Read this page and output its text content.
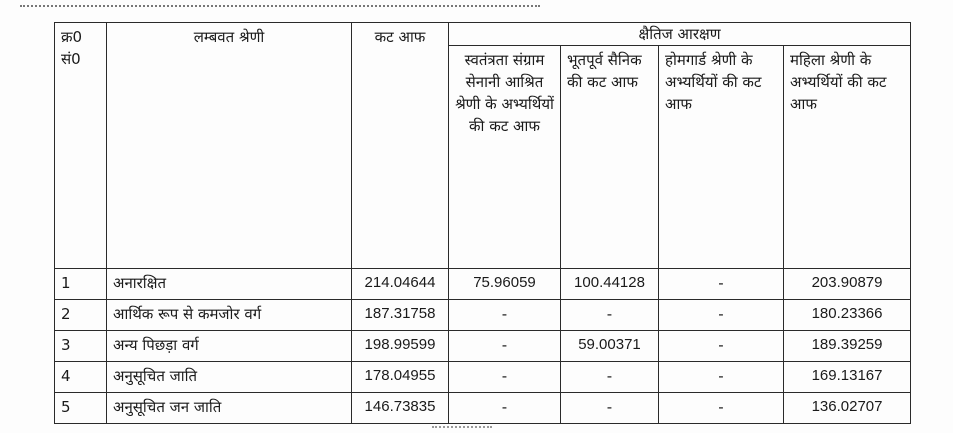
क्र0 सं0	लम्बवत श्रेणी	कट आफ	क्षैतिज आरक्षण			
			स्वतंत्रता संग्राम सेनानी आश्रित श्रेणी के अभ्यर्थियों की कट आफ	भूतपूर्व सैनिक की कट आफ	होमगार्ड श्रेणी के अभ्यर्थियों की कट आफ	महिला श्रेणी के अभ्यर्थियों की कट आफ
1	अनारक्षित	214.04644	75.96059	100.44128	-	203.90879
2	आर्थिक रूप से कमजोर वर्ग	187.31758	-	-	-	180.23366
3	अन्य पिछड़ा वर्ग	198.99599	-	59.00371	-	189.39259
4	अनुसूचित जाति	178.04955	-	-	-	169.13167
5	अनुसूचित जन जाति	146.73835	-	-	-	136.02707
